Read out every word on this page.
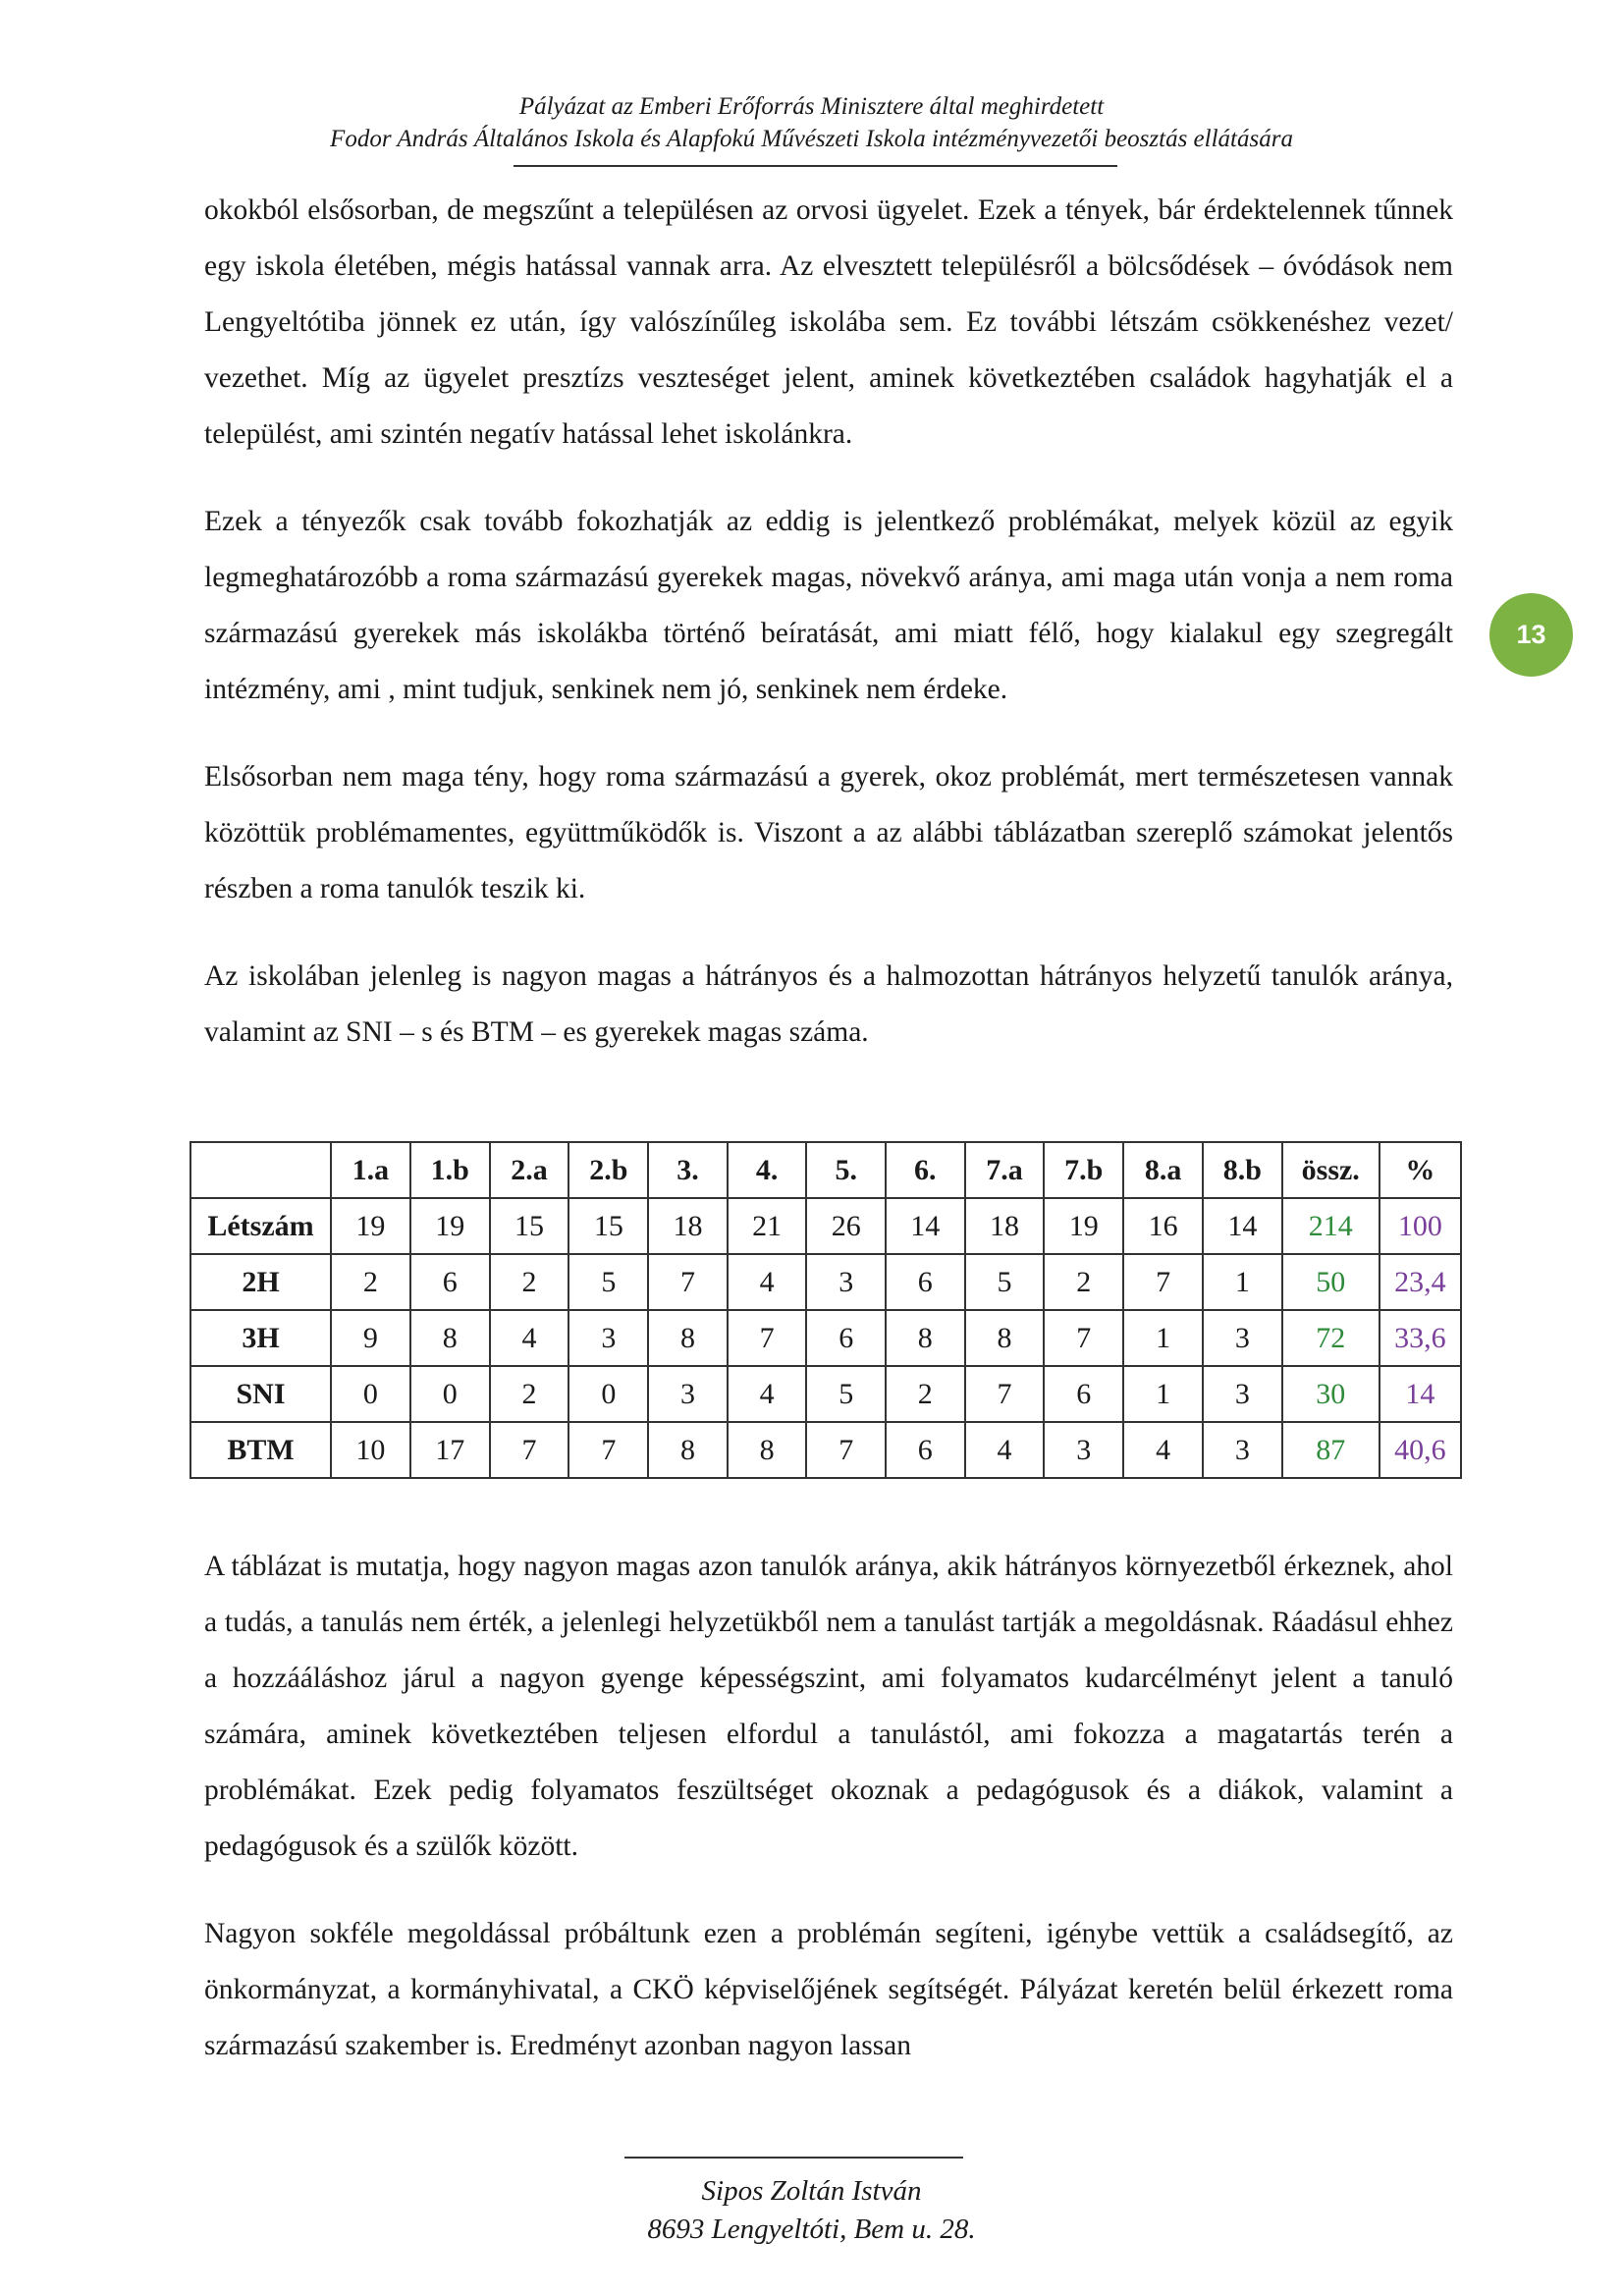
Pályázat az Emberi Erőforrás Minisztere által meghirdetett
Fodor András Általános Iskola és Alapfokú Művészeti Iskola intézményvezetői beosztás ellátására
13

okokból elsősorban, de megszűnt a településen az orvosi ügyelet. Ezek a tények, bár érdektelennek tűnnek egy iskola életében, mégis hatással vannak arra. Az elvesztett településről a bölcsődések – óvódások nem Lengyeltótiba jönnek ez után, így valószínűleg iskolába sem. Ez további létszám csökkenéshez vezet/ vezethet. Míg az ügyelet presztízs veszteséget jelent, aminek következtében családok hagyhatják el a települést, ami szintén negatív hatással lehet iskolánkra.

Ezek a tényezők csak tovább fokozhatják az eddig is jelentkező problémákat, melyek közül az egyik legmeghatározóbb a roma származású gyerekek magas, növekvő aránya, ami maga után vonja a nem roma származású gyerekek más iskolákba történő beíratását, ami miatt félő, hogy kialakul egy szegregált intézmény, ami , mint tudjuk, senkinek nem jó, senkinek nem érdeke.

Elsősorban nem maga tény, hogy roma származású a gyerek, okoz problémát, mert természetesen vannak közöttük problémamentes, együttműködők is. Viszont a az alábbi táblázatban szereplő számokat jelentős részben a roma tanulók teszik ki.

Az iskolában jelenleg is nagyon magas a hátrányos és a halmozottan hátrányos helyzetű tanulók aránya, valamint az SNI – s és BTM – es gyerekek magas száma.

	1.a	1.b	2.a	2.b	3.	4.	5.	6.	7.a	7.b	8.a	8.b	össz.	%
Létszám	19	19	15	15	18	21	26	14	18	19	16	14	214	100
2H	2	6	2	5	7	4	3	6	5	2	7	1	50	23,4
3H	9	8	4	3	8	7	6	8	8	7	1	3	72	33,6
SNI	0	0	2	0	3	4	5	2	7	6	1	3	30	14
BTM	10	17	7	7	8	8	7	6	4	3	4	3	87	40,6

A táblázat is mutatja, hogy nagyon magas azon tanulók aránya, akik hátrányos környezetből érkeznek, ahol a tudás, a tanulás nem érték, a jelenlegi helyzetükből nem a tanulást tartják a megoldásnak. Ráadásul ehhez a hozzááláshoz járul a nagyon gyenge képességszint, ami folyamatos kudarcélményt jelent a tanuló számára, aminek következtében teljesen elfordul a tanulástól, ami fokozza a magatartás terén a problémákat. Ezek pedig folyamatos feszültséget okoznak a pedagógusok és a diákok, valamint a pedagógusok és a szülők között.

Nagyon sokféle megoldással próbáltunk ezen a problémán segíteni, igénybe vettük a családsegítő, az önkormányzat, a kormányhivatal, a CKÖ képviselőjének segítségét. Pályázat keretén belül érkezett roma származású szakember is. Eredményt azonban nagyon lassan

Sipos Zoltán István
8693 Lengyeltóti, Bem u. 28.
